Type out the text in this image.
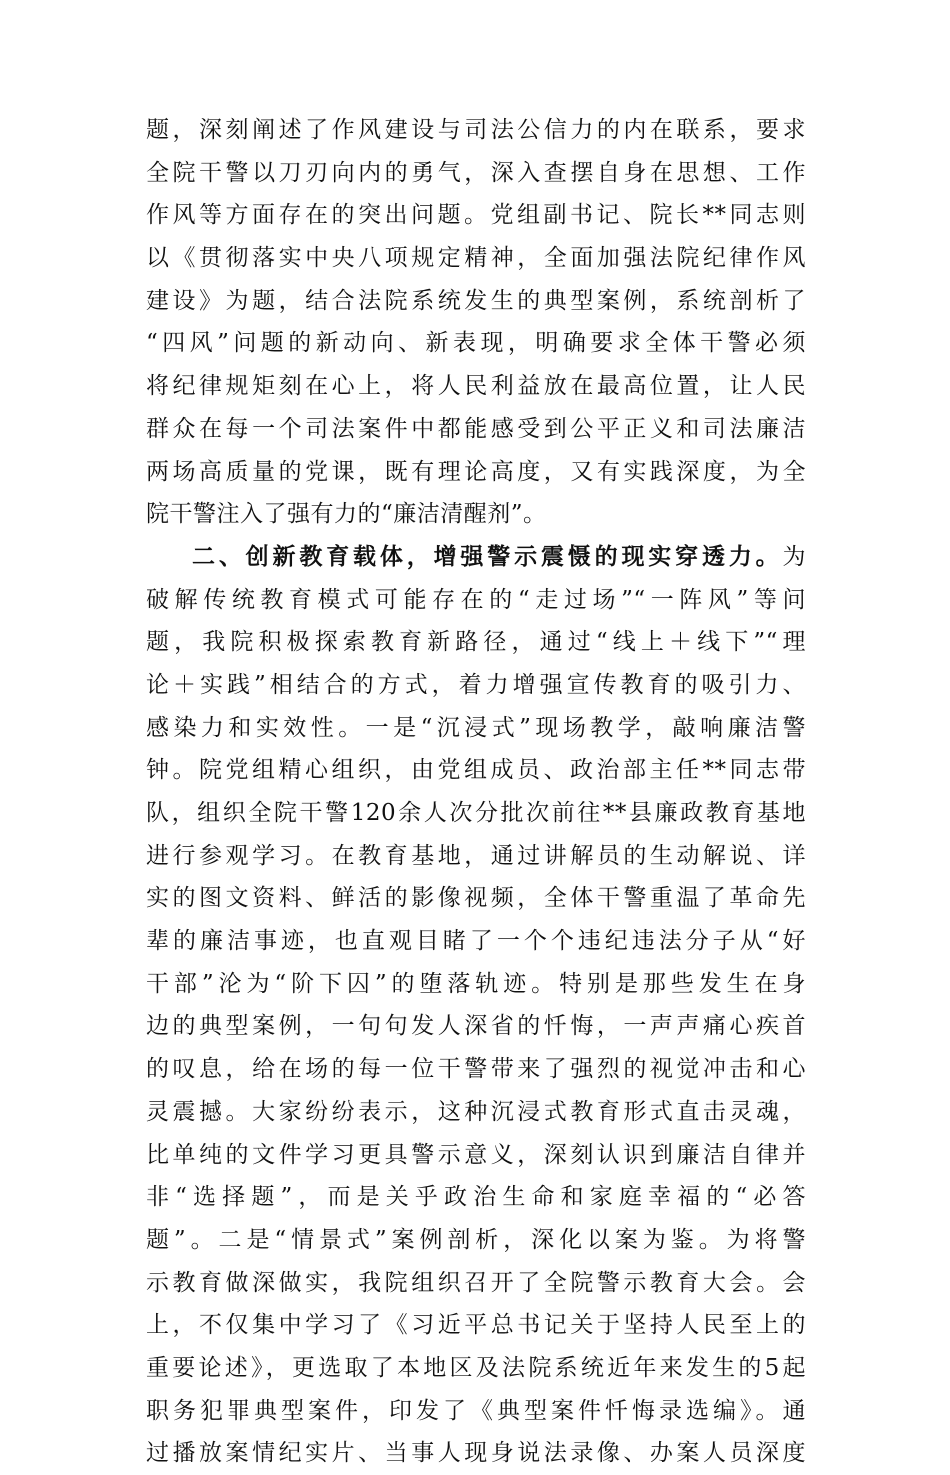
题，深刻阐述了作风建设与司法公信力的内在联系，要求
全院干警以刀刃向内的勇气，深入查摆自身在思想、工作
作风等方面存在的突出问题。党组副书记、院长**同志则
以《贯彻落实中央八项规定精神，全面加强法院纪律作风
建设》为题，结合法院系统发生的典型案例，系统剖析了
“四风”问题的新动向、新表现，明确要求全体干警必须
将纪律规矩刻在心上，将人民利益放在最高位置，让人民
群众在每一个司法案件中都能感受到公平正义和司法廉洁
两场高质量的党课，既有理论高度，又有实践深度，为全
院干警注入了强有力的“廉洁清醒剂”。
二、创新教育载体，增强警示震慑的现实穿透力。为
破解传统教育模式可能存在的“走过场”“一阵风”等问
题，我院积极探索教育新路径，通过“线上＋线下”“理
论＋实践”相结合的方式，着力增强宣传教育的吸引力、
感染力和实效性。一是“沉浸式”现场教学，敲响廉洁警
钟。院党组精心组织，由党组成员、政治部主任**同志带
队，组织全院干警120余人次分批次前往**县廉政教育基地
进行参观学习。在教育基地，通过讲解员的生动解说、详
实的图文资料、鲜活的影像视频，全体干警重温了革命先
辈的廉洁事迹，也直观目睹了一个个违纪违法分子从“好
干部”沦为“阶下囚”的堕落轨迹。特别是那些发生在身
边的典型案例，一句句发人深省的忏悔，一声声痛心疾首
的叹息，给在场的每一位干警带来了强烈的视觉冲击和心
灵震撼。大家纷纷表示，这种沉浸式教育形式直击灵魂，
比单纯的文件学习更具警示意义，深刻认识到廉洁自律并
非“选择题”，而是关乎政治生命和家庭幸福的“必答
题”。二是“情景式”案例剖析，深化以案为鉴。为将警
示教育做深做实，我院组织召开了全院警示教育大会。会
上，不仅集中学习了《习近平总书记关于坚持人民至上的
重要论述》，更选取了本地区及法院系统近年来发生的5起
职务犯罪典型案件，印发了《典型案件忏悔录选编》。通
过播放案情纪实片、当事人现身说法录像、办案人员深度
